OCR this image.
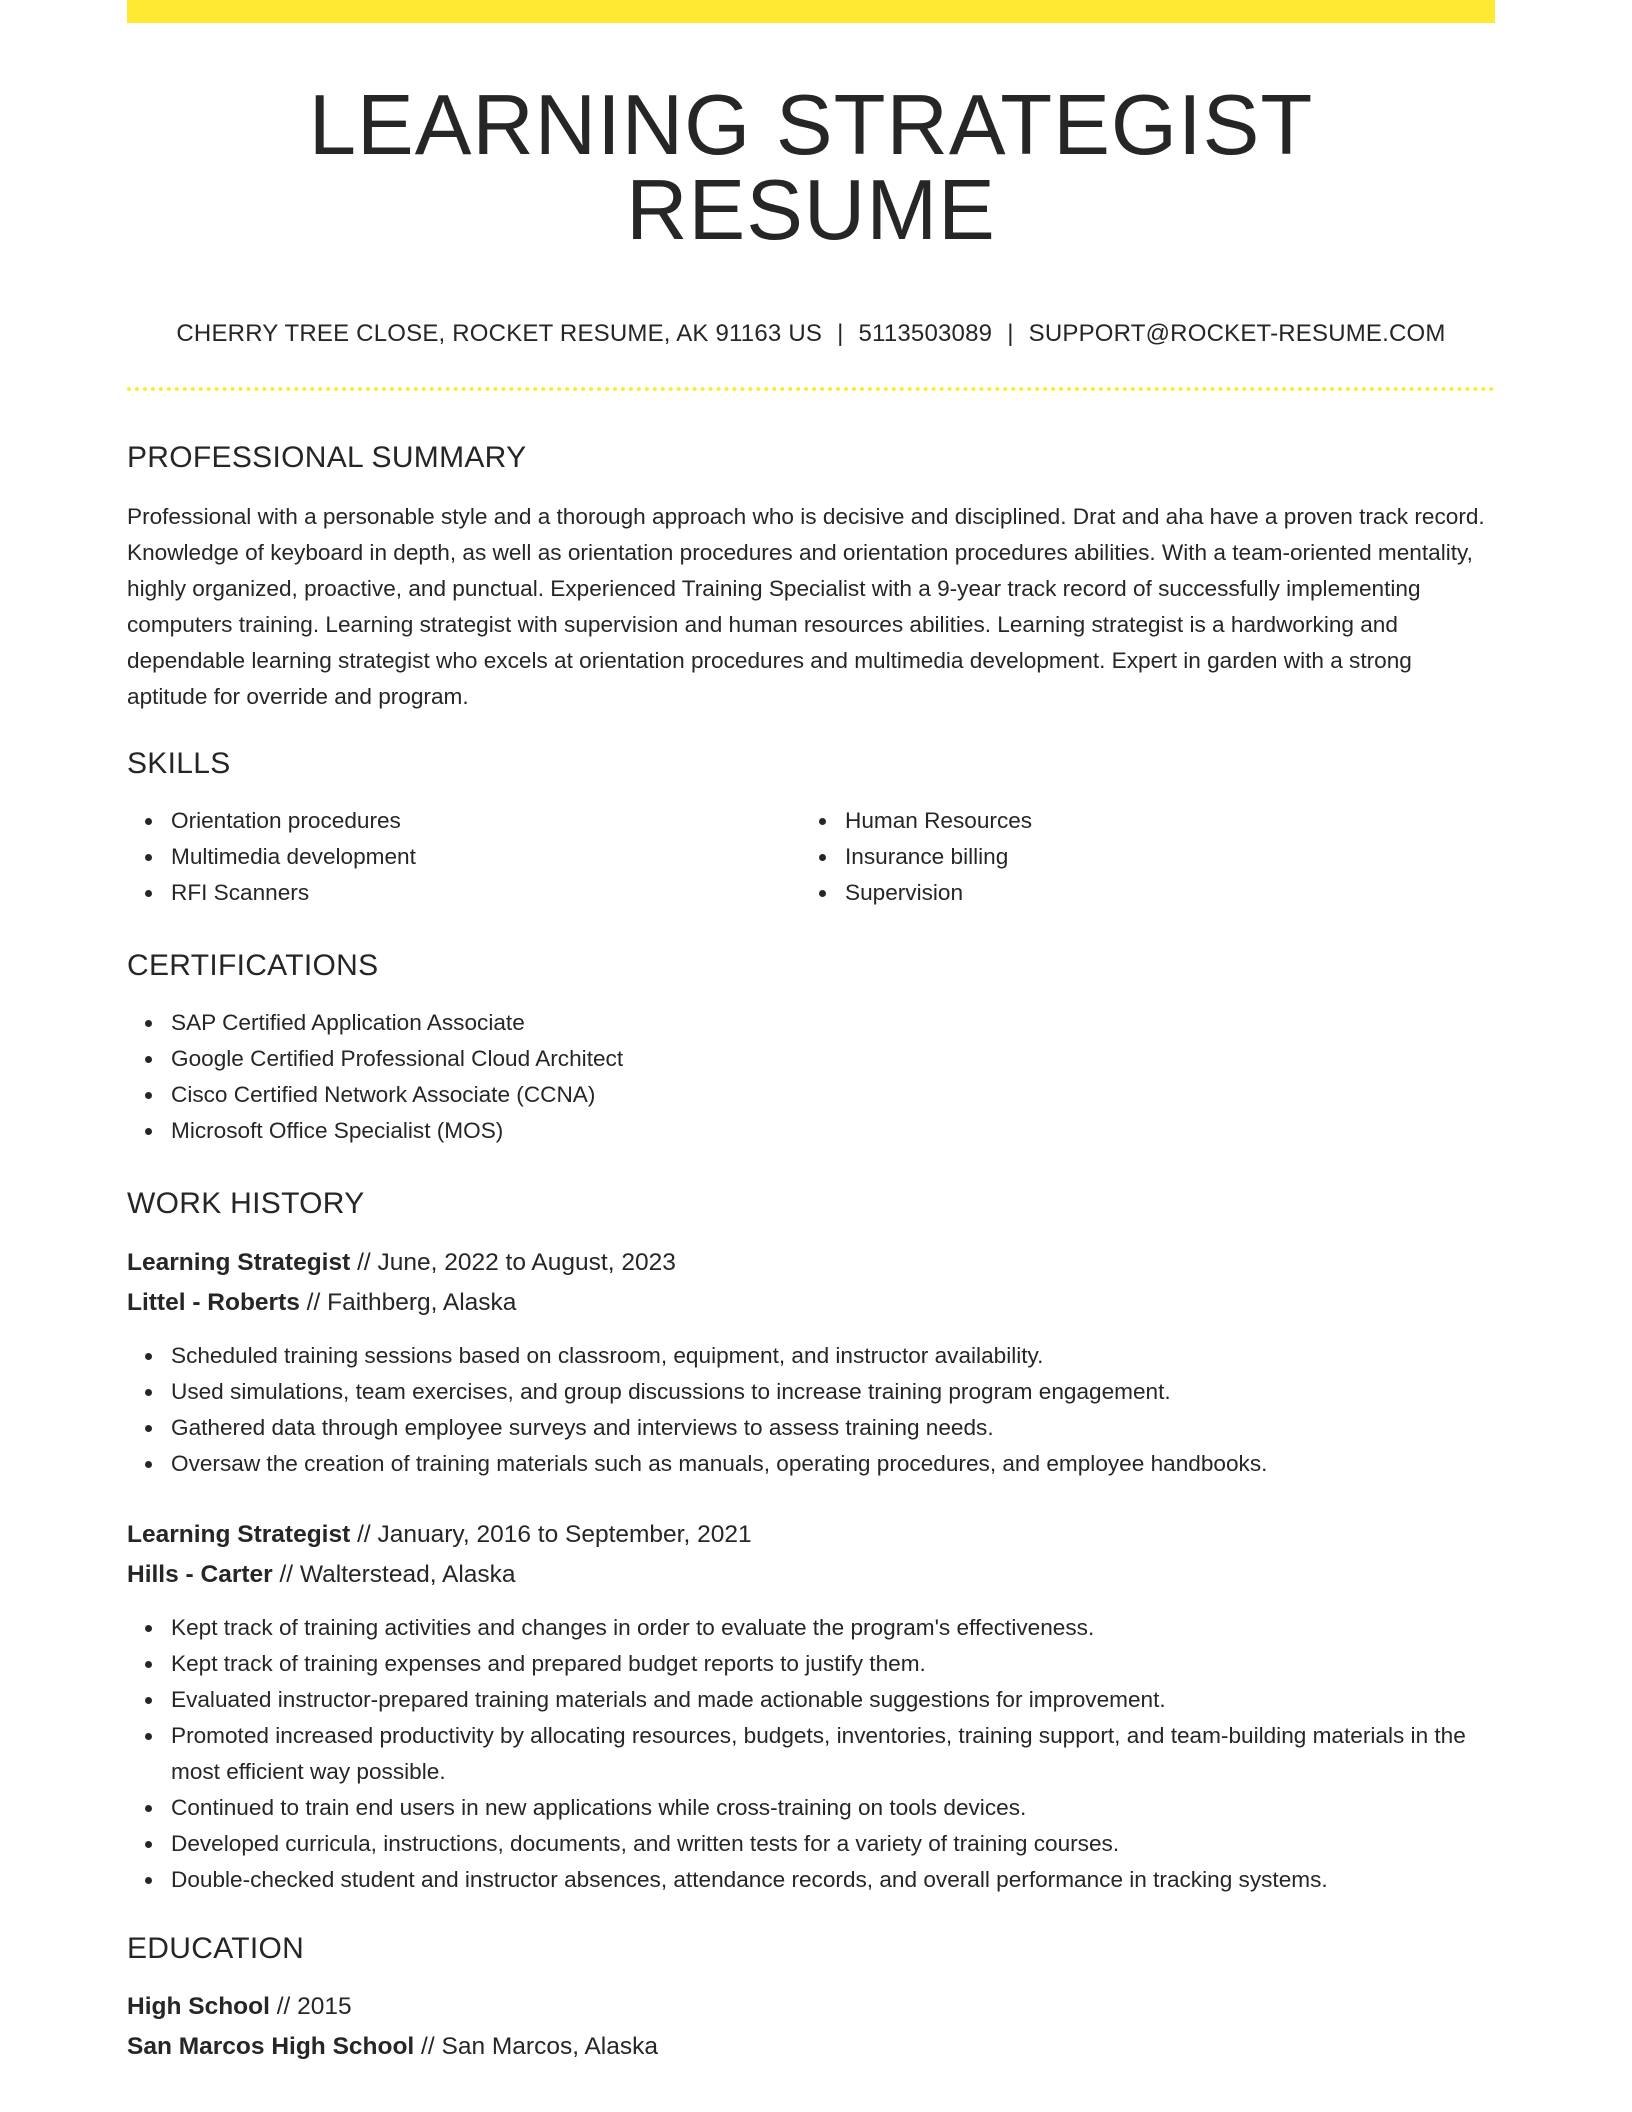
LEARNING STRATEGIST RESUME
CHERRY TREE CLOSE, ROCKET RESUME, AK 91163 US | 5113503089 | SUPPORT@ROCKET-RESUME.COM
PROFESSIONAL SUMMARY

Professional with a personable style and a thorough approach who is decisive and disciplined. Drat and aha have a proven track record. Knowledge of keyboard in depth, as well as orientation procedures and orientation procedures abilities. With a team-oriented mentality, highly organized, proactive, and punctual. Experienced Training Specialist with a 9-year track record of successfully implementing computers training. Learning strategist with supervision and human resources abilities. Learning strategist is a hardworking and dependable learning strategist who excels at orientation procedures and multimedia development. Expert in garden with a strong aptitude for override and program.

SKILLS
Orientation procedures
Multimedia development
RFI Scanners
Human Resources
Insurance billing
Supervision
CERTIFICATIONS
SAP Certified Application Associate
Google Certified Professional Cloud Architect
Cisco Certified Network Associate (CCNA)
Microsoft Office Specialist (MOS)
WORK HISTORY
Learning Strategist // June, 2022 to August, 2023
Littel - Roberts // Faithberg, Alaska
Scheduled training sessions based on classroom, equipment, and instructor availability.
Used simulations, team exercises, and group discussions to increase training program engagement.
Gathered data through employee surveys and interviews to assess training needs.
Oversaw the creation of training materials such as manuals, operating procedures, and employee handbooks.
Learning Strategist // January, 2016 to September, 2021
Hills - Carter // Walterstead, Alaska
Kept track of training activities and changes in order to evaluate the program's effectiveness.
Kept track of training expenses and prepared budget reports to justify them.
Evaluated instructor-prepared training materials and made actionable suggestions for improvement.
Promoted increased productivity by allocating resources, budgets, inventories, training support, and team-building materials in the most efficient way possible.
Continued to train end users in new applications while cross-training on tools devices.
Developed curricula, instructions, documents, and written tests for a variety of training courses.
Double-checked student and instructor absences, attendance records, and overall performance in tracking systems.
EDUCATION
High School // 2015
San Marcos High School // San Marcos, Alaska
